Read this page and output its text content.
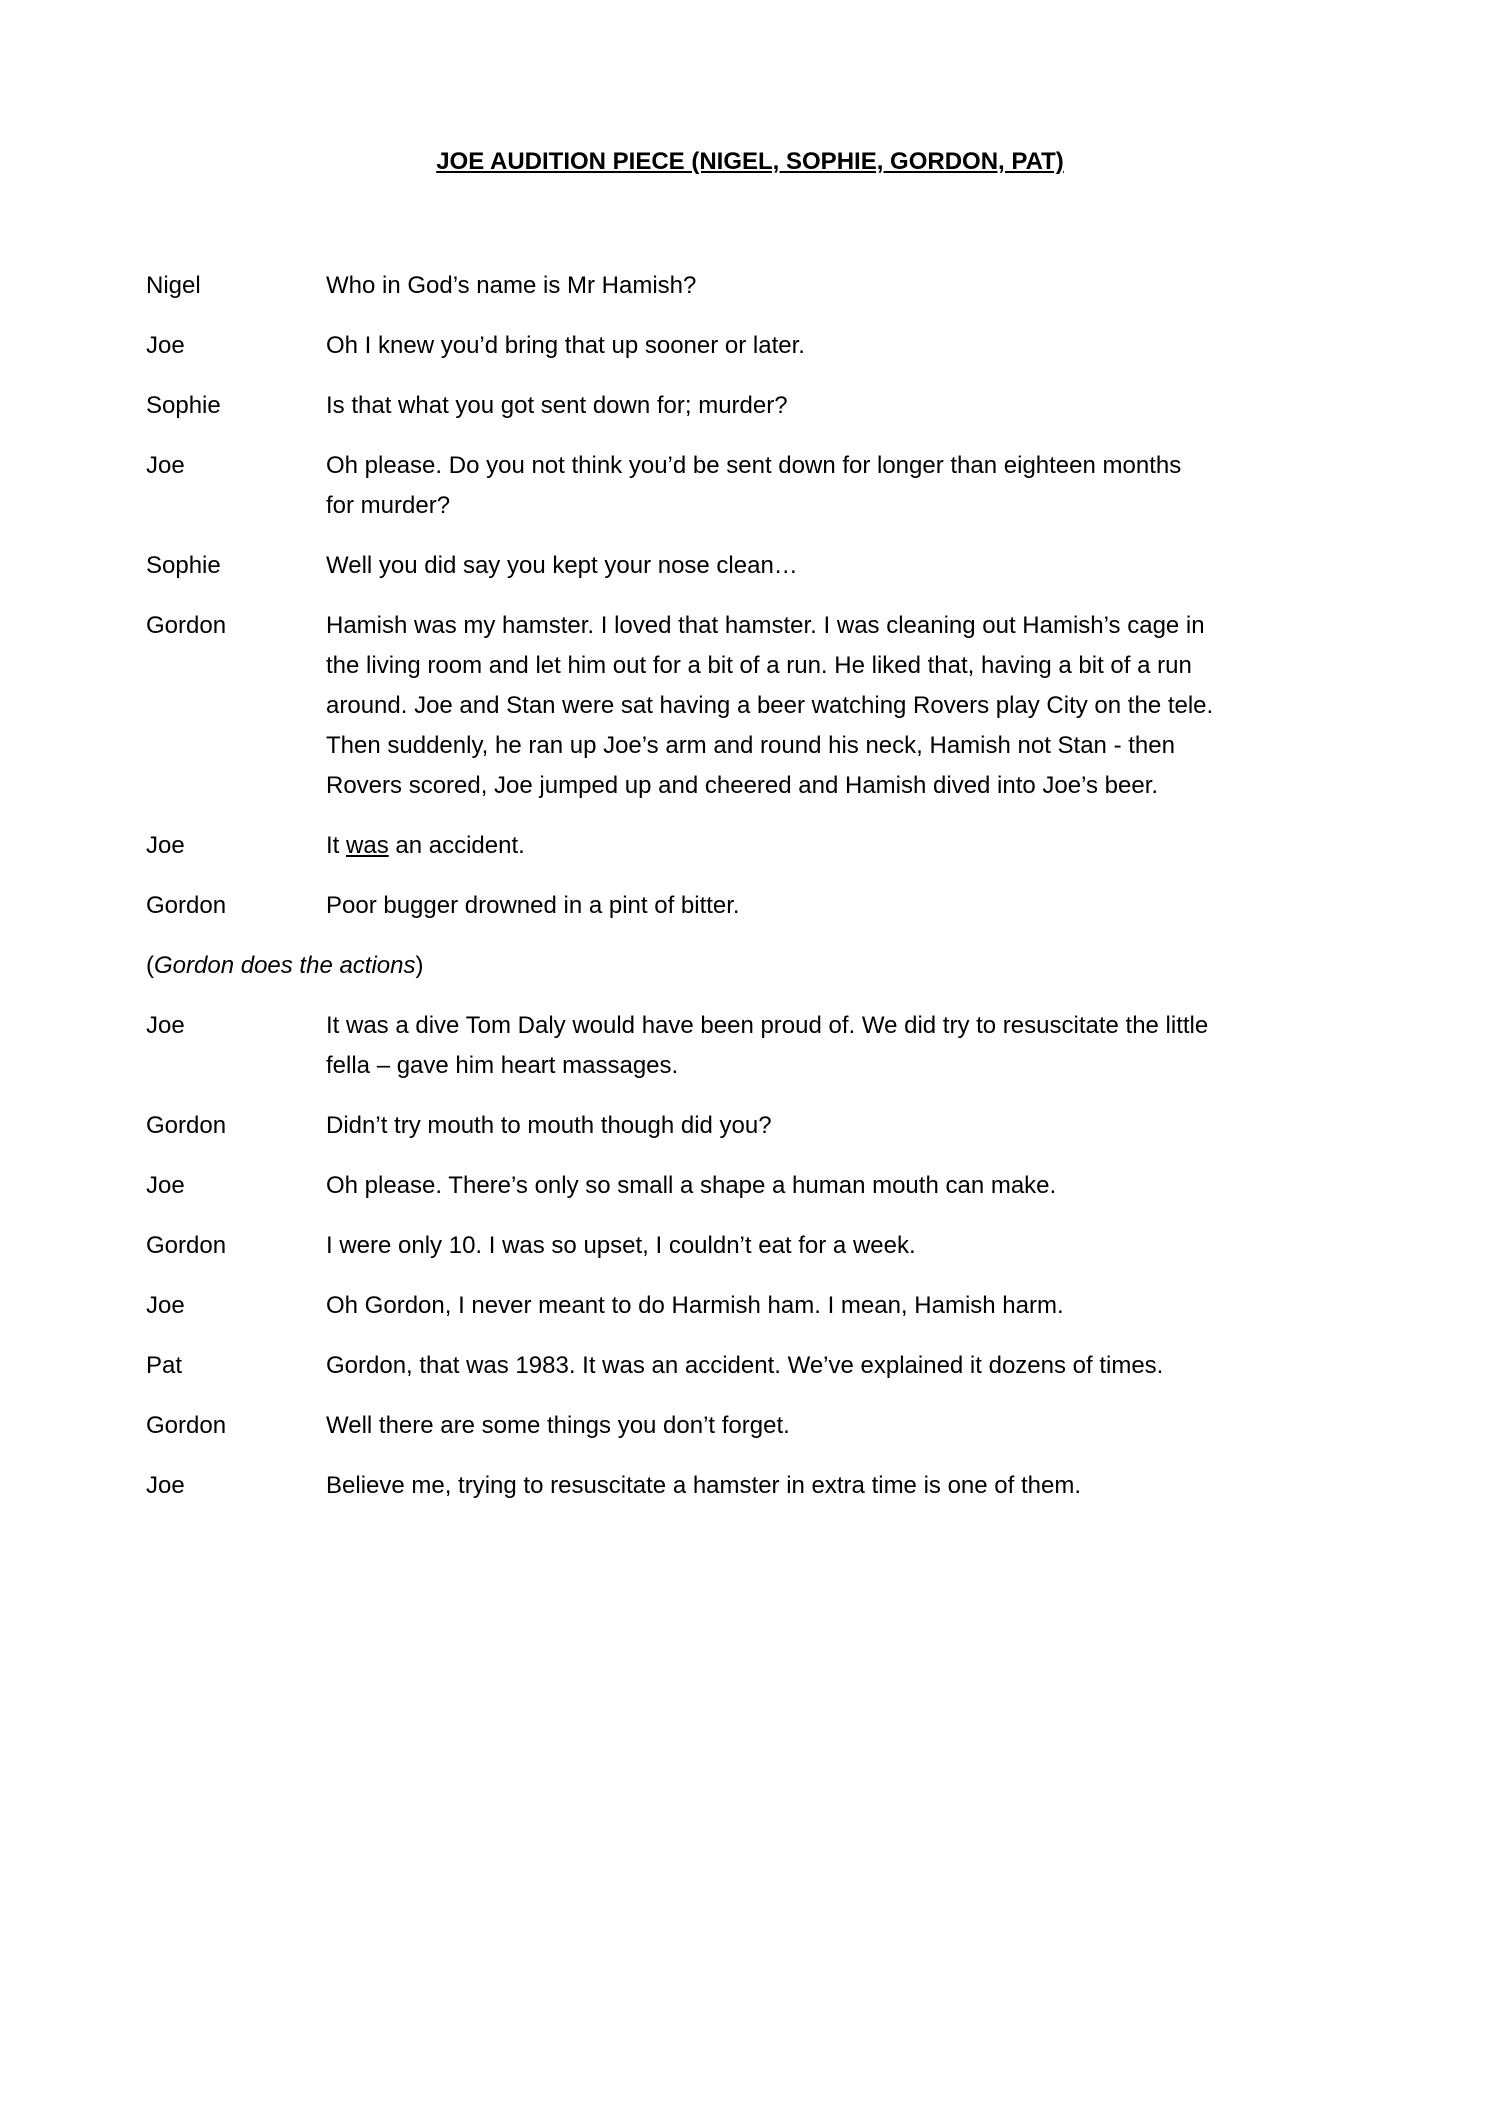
JOE AUDITION PIECE (NIGEL, SOPHIE, GORDON, PAT)
Nigel	Who in God’s name is Mr Hamish?
Joe	Oh I knew you’d bring that up sooner or later.
Sophie	Is that what you got sent down for; murder?
Joe	Oh please. Do you not think you’d be sent down for longer than eighteen months
for murder?
Sophie	Well you did say you kept your nose clean…
Gordon	Hamish was my hamster. I loved that hamster. I was cleaning out Hamish’s cage in
the living room and let him out for a bit of a run. He liked that, having a bit of a run
around. Joe and Stan were sat having a beer watching Rovers play City on the tele.
Then suddenly, he ran up Joe’s arm and round his neck, Hamish not Stan - then
Rovers scored, Joe jumped up and cheered and Hamish dived into Joe’s beer.
Joe	It was an accident.
Gordon	Poor bugger drowned in a pint of bitter.
(Gordon does the actions)
Joe	It was a dive Tom Daly would have been proud of. We did try to resuscitate the little
fella – gave him heart massages.
Gordon	Didn’t try mouth to mouth though did you?
Joe	Oh please. There’s only so small a shape a human mouth can make.
Gordon	I were only 10. I was so upset, I couldn’t eat for a week.
Joe	Oh Gordon, I never meant to do Harmish ham. I mean, Hamish harm.
Pat	Gordon, that was 1983. It was an accident. We’ve explained it dozens of times.
Gordon	Well there are some things you don’t forget.
Joe	Believe me, trying to resuscitate a hamster in extra time is one of them.
